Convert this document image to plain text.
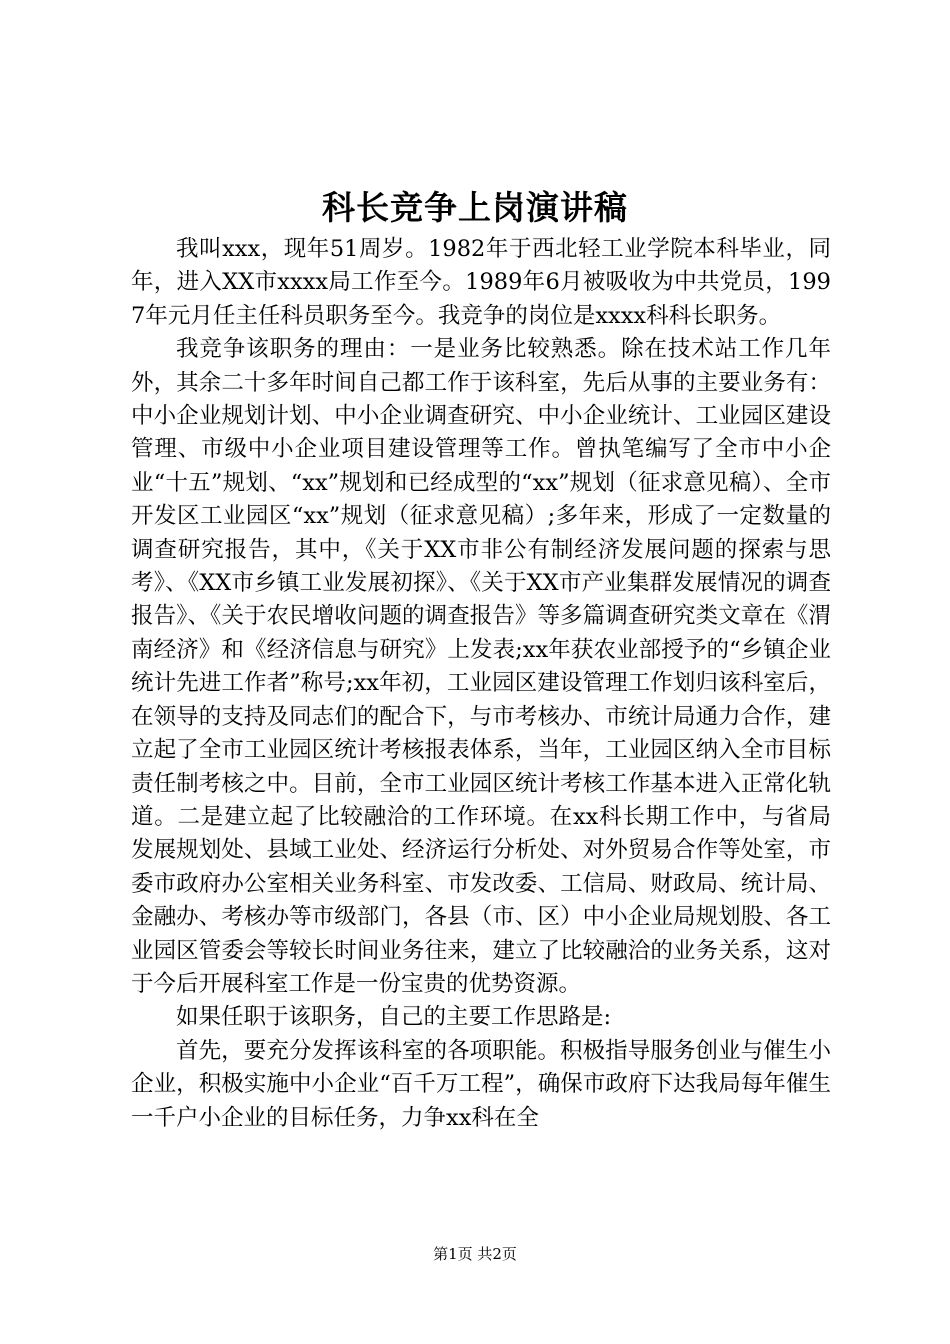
科长竞争上岗演讲稿

我叫xxx，现年51周岁。1982年于西北轻工业学院本科毕业，同年，进入XX市xxxx局工作至今。1989年6月被吸收为中共党员，1997年元月任主任科员职务至今。我竞争的岗位是xxxx科科长职务。

我竞争该职务的理由：一是业务比较熟悉。除在技术站工作几年外，其余二十多年时间自己都工作于该科室，先后从事的主要业务有：中小企业规划计划、中小企业调查研究、中小企业统计、工业园区建设管理、市级中小企业项目建设管理等工作。曾执笔编写了全市中小企业“十五”规划、“xx”规划和已经成型的“xx”规划（征求意见稿）、全市开发区工业园区“xx”规划（征求意见稿）;多年来，形成了一定数量的调查研究报告，其中，《关于XX市非公有制经济发展问题的探索与思考》、《XX市乡镇工业发展初探》、《关于XX市产业集群发展情况的调查报告》、《关于农民增收问题的调查报告》等多篇调查研究类文章在《渭南经济》和《经济信息与研究》上发表;xx年获农业部授予的“乡镇企业统计先进工作者”称号;xx年初，工业园区建设管理工作划归该科室后，在领导的支持及同志们的配合下，与市考核办、市统计局通力合作，建立起了全市工业园区统计考核报表体系，当年，工业园区纳入全市目标责任制考核之中。目前，全市工业园区统计考核工作基本进入正常化轨道。二是建立起了比较融洽的工作环境。在xx科长期工作中，与省局发展规划处、县域工业处、经济运行分析处、对外贸易合作等处室，市委市政府办公室相关业务科室、市发改委、工信局、财政局、统计局、金融办、考核办等市级部门，各县（市、区）中小企业局规划股、各工业园区管委会等较长时间业务往来，建立了比较融洽的业务关系，这对于今后开展科室工作是一份宝贵的优势资源。

如果任职于该职务，自己的主要工作思路是:

首先，要充分发挥该科室的各项职能。积极指导服务创业与催生小企业，积极实施中小企业“百千万工程”，确保市政府下达我局每年催生一千户小企业的目标任务，力争xx科在全

第1页 共2页
